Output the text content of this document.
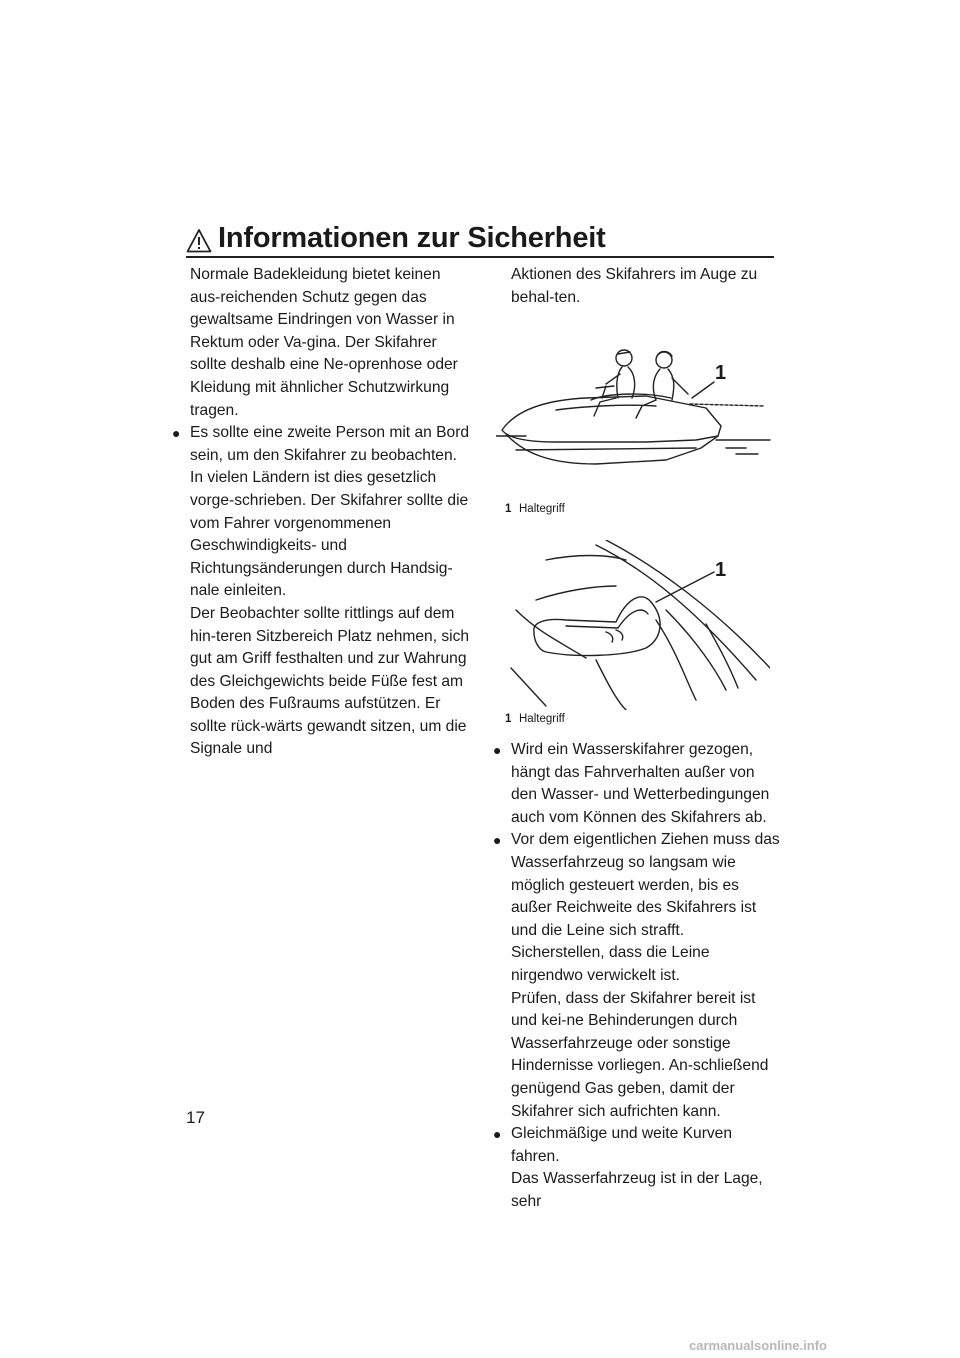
Informationen zur Sicherheit

Normale Badekleidung bietet keinen aus-reichenden Schutz gegen das gewaltsame Eindringen von Wasser in Rektum oder Va-gina. Der Skifahrer sollte deshalb eine Ne-oprenhose oder Kleidung mit ähnlicher Schutzwirkung tragen.

● Es sollte eine zweite Person mit an Bord sein, um den Skifahrer zu beobachten. In vielen Ländern ist dies gesetzlich vorge-schrieben. Der Skifahrer sollte die vom Fahrer vorgenommenen Geschwindigkeits- und Richtungsänderungen durch Handsig-nale einleiten.

Der Beobachter sollte rittlings auf dem hin-teren Sitzbereich Platz nehmen, sich gut am Griff festhalten und zur Wahrung des Gleichgewichts beide Füße fest am Boden des Fußraums aufstützen. Er sollte rück-wärts gewandt sitzen, um die Signale und

Aktionen des Skifahrers im Auge zu behal-ten.

1
1 Haltegriff
1
1 Haltegriff
● Wird ein Wasserskifahrer gezogen, hängt das Fahrverhalten außer von den Wasser- und Wetterbedingungen auch vom Können des Skifahrers ab.

● Vor dem eigentlichen Ziehen muss das Wasserfahrzeug so langsam wie möglich gesteuert werden, bis es außer Reichweite des Skifahrers ist und die Leine sich strafft. Sicherstellen, dass die Leine nirgendwo verwickelt ist.

Prüfen, dass der Skifahrer bereit ist und kei-ne Behinderungen durch Wasserfahrzeuge oder sonstige Hindernisse vorliegen. An-schließend genügend Gas geben, damit der Skifahrer sich aufrichten kann.

● Gleichmäßige und weite Kurven fahren.

Das Wasserfahrzeug ist in der Lage, sehr

17
carmanualsonline.info
